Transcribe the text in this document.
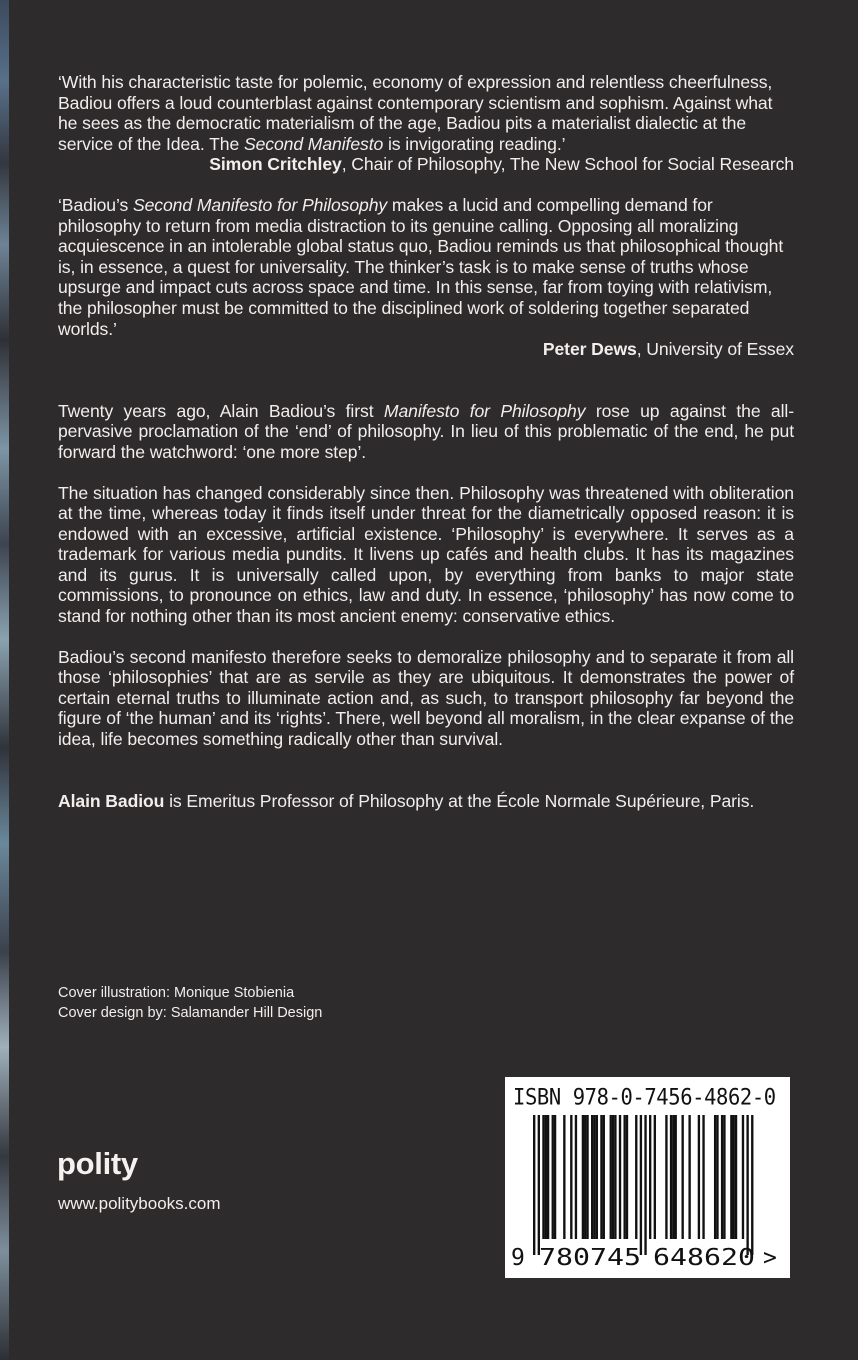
‘With his characteristic taste for polemic, economy of expression and relentless cheerfulness, Badiou offers a loud counterblast against contemporary scientism and sophism. Against what he sees as the democratic materialism of the age, Badiou pits a materialist dialectic at the service of the Idea. The Second Manifesto is invigorating reading.’

Simon Critchley, Chair of Philosophy, The New School for Social Research

‘Badiou’s Second Manifesto for Philosophy makes a lucid and compelling demand for philosophy to return from media distraction to its genuine calling. Opposing all moralizing acquiescence in an intolerable global status quo, Badiou reminds us that philosophical thought is, in essence, a quest for universality. The thinker’s task is to make sense of truths whose upsurge and impact cuts across space and time. In this sense, far from toying with relativism, the philosopher must be committed to the disciplined work of soldering together separated worlds.’

Peter Dews, University of Essex

Twenty years ago, Alain Badiou’s first Manifesto for Philosophy rose up against the all-pervasive proclamation of the ‘end’ of philosophy. In lieu of this problematic of the end, he put forward the watchword: ‘one more step’.

The situation has changed considerably since then. Philosophy was threatened with obliteration at the time, whereas today it finds itself under threat for the diametrically opposed reason: it is endowed with an excessive, artificial existence. ‘Philosophy’ is everywhere. It serves as a trademark for various media pundits. It livens up cafés and health clubs. It has its magazines and its gurus. It is universally called upon, by everything from banks to major state commissions, to pronounce on ethics, law and duty. In essence, ‘philosophy’ has now come to stand for nothing other than its most ancient enemy: conservative ethics.

Badiou’s second manifesto therefore seeks to demoralize philosophy and to separate it from all those ‘philosophies’ that are as servile as they are ubiquitous. It demonstrates the power of certain eternal truths to illuminate action and, as such, to transport philosophy far beyond the figure of ‘the human’ and its ‘rights’. There, well beyond all moralism, in the clear expanse of the idea, life becomes something radically other than survival.

Alain Badiou is Emeritus Professor of Philosophy at the École Normale Supérieure, Paris.

Cover illustration: Monique Stobienia
Cover design by: Salamander Hill Design
polity
www.politybooks.com
ISBN 978-0-7456-4862-0
9 780745 648620 >
